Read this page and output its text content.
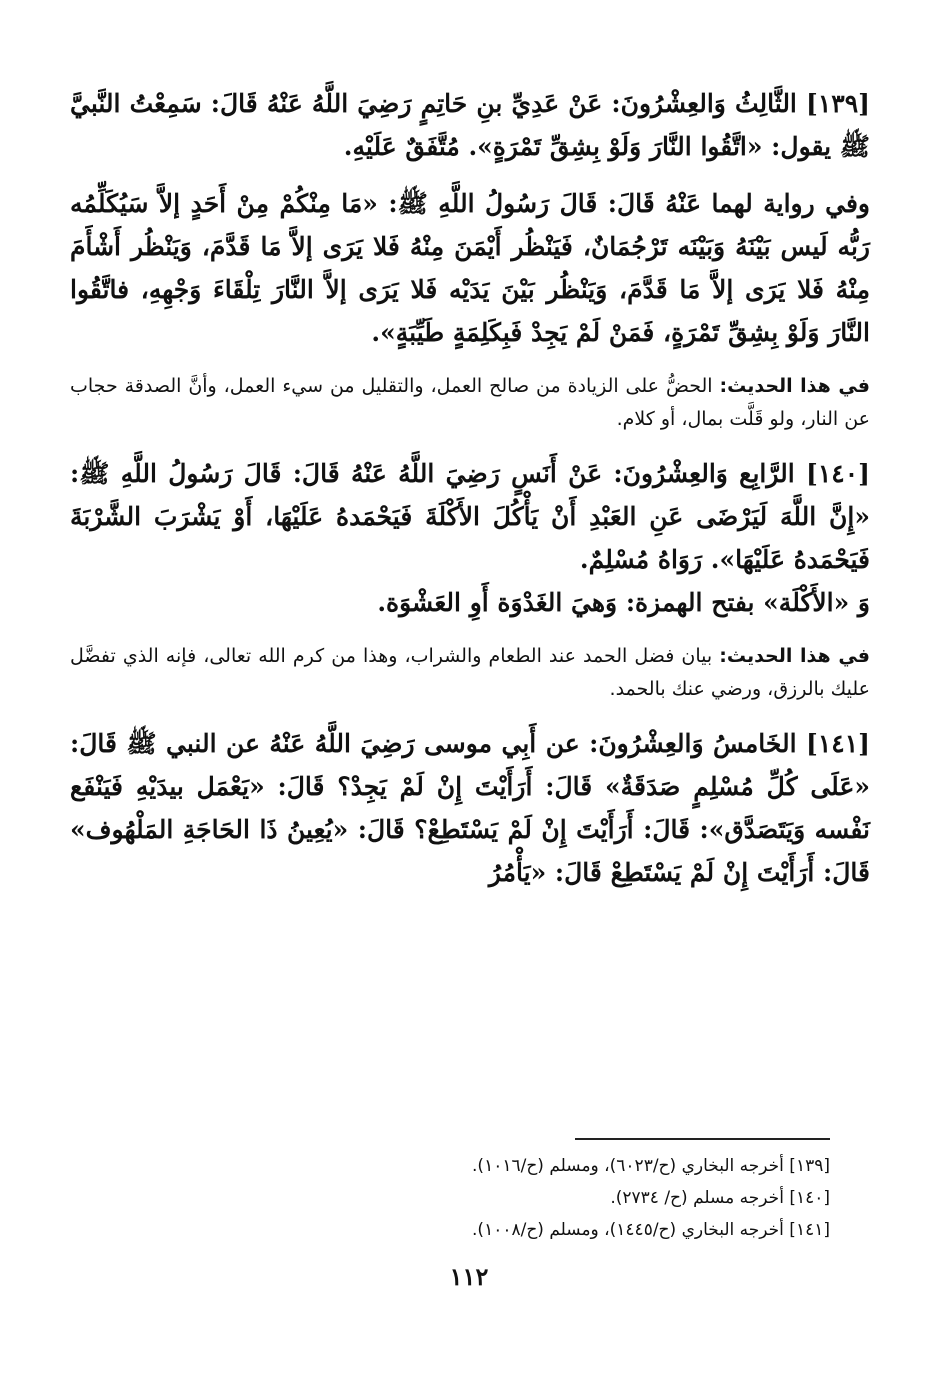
[١٣٩] الثَّالِثُ وَالعِشْرُونَ: عَنْ عَدِيِّ بنِ حَاتِمٍ رَضِيَ اللَّهُ عَنْهُ قَالَ: سَمِعْتُ النَّبيَّ ﷺ يقول: «اتَّقُوا النَّارَ وَلَوْ بِشِقِّ تَمْرَةٍ». مُتَّفَقٌ عَلَيْهِ.

وفي رواية لهما عَنْهُ قَالَ: قَالَ رَسُولُ اللَّهِ ﷺ: «مَا مِنْكُمْ مِنْ أَحَدٍ إلاَّ سَيُكَلِّمُه رَبُّه لَيس بَيْنَهُ وَبَيْنَه تَرْجُمَانٌ، فَيَنْظُر أَيْمَنَ مِنْهُ فَلا يَرَى إلاَّ مَا قَدَّمَ، وَيَنْظُر أَشْأَمَ مِنْهُ فَلا يَرَى إلاَّ مَا قَدَّمَ، وَيَنْظُر بَيْنَ يَدَيْه فَلا يَرَى إلاَّ النَّارَ تِلْقَاءَ وَجْهِهِ، فاتَّقُوا النَّارَ وَلَوْ بِشِقِّ تَمْرَةٍ، فَمَنْ لَمْ يَجِدْ فَبِكَلِمَةٍ طَيِّبَةٍ».

في هذا الحديث: الحضُّ على الزيادة من صالح العمل، والتقليل من سيء العمل، وأنَّ الصدقة حجاب عن النار، ولو قَلَّت بمال، أو كلام.

[١٤٠] الرَّابِع وَالعِشْرُونَ: عَنْ أَنَسٍ رَضِيَ اللَّهُ عَنْهُ قَالَ: قَالَ رَسُولُ اللَّهِ ﷺ: «إِنَّ اللَّهَ لَيَرْضَى عَنِ العَبْدِ أَنْ يَأْكُلَ الأَكْلَةَ فَيَحْمَدهُ عَلَيْهَا، أَوْ يَشْرَبَ الشَّرْبَةَ فَيَحْمَدهُ عَلَيْهَا». رَوَاهُ مُسْلِمٌ.

وَ «الأَكْلَة» بفتح الهمزة: وَهيَ الغَدْوَة أَوِ العَشْوَة.

في هذا الحديث: بيان فضل الحمد عند الطعام والشراب، وهذا من كرم الله تعالى، فإنه الذي تفضَّل عليك بالرزق، ورضي عنك بالحمد.

[١٤١] الخَامسُ وَالعِشْرُونَ: عن أَبِي موسى رَضِيَ اللَّهُ عَنْهُ عن النبي ﷺ قَالَ: «عَلَى كُلِّ مُسْلِمٍ صَدَقَةٌ» قَالَ: أَرَأَيْتَ إِنْ لَمْ يَجِدْ؟ قَالَ: «يَعْمَل بيدَيْهِ فَيَنْفَع نَفْسه وَيَتَصَدَّق»: قَالَ: أَرَأَيْتَ إِنْ لَمْ يَسْتَطِعْ؟ قَالَ: «يُعِينُ ذَا الحَاجَةِ المَلْهُوف» قَالَ: أَرَأَيْتَ إِنْ لَمْ يَسْتَطِعْ قَالَ: «يَأْمُرُ

[١٣٩] أخرجه البخاري (ح/٦٠٢٣)، ومسلم (ح/١٠١٦).
[١٤٠] أخرجه مسلم (ح/ ٢٧٣٤).
[١٤١] أخرجه البخاري (ح/١٤٤٥)، ومسلم (ح/١٠٠٨).
١١٢
